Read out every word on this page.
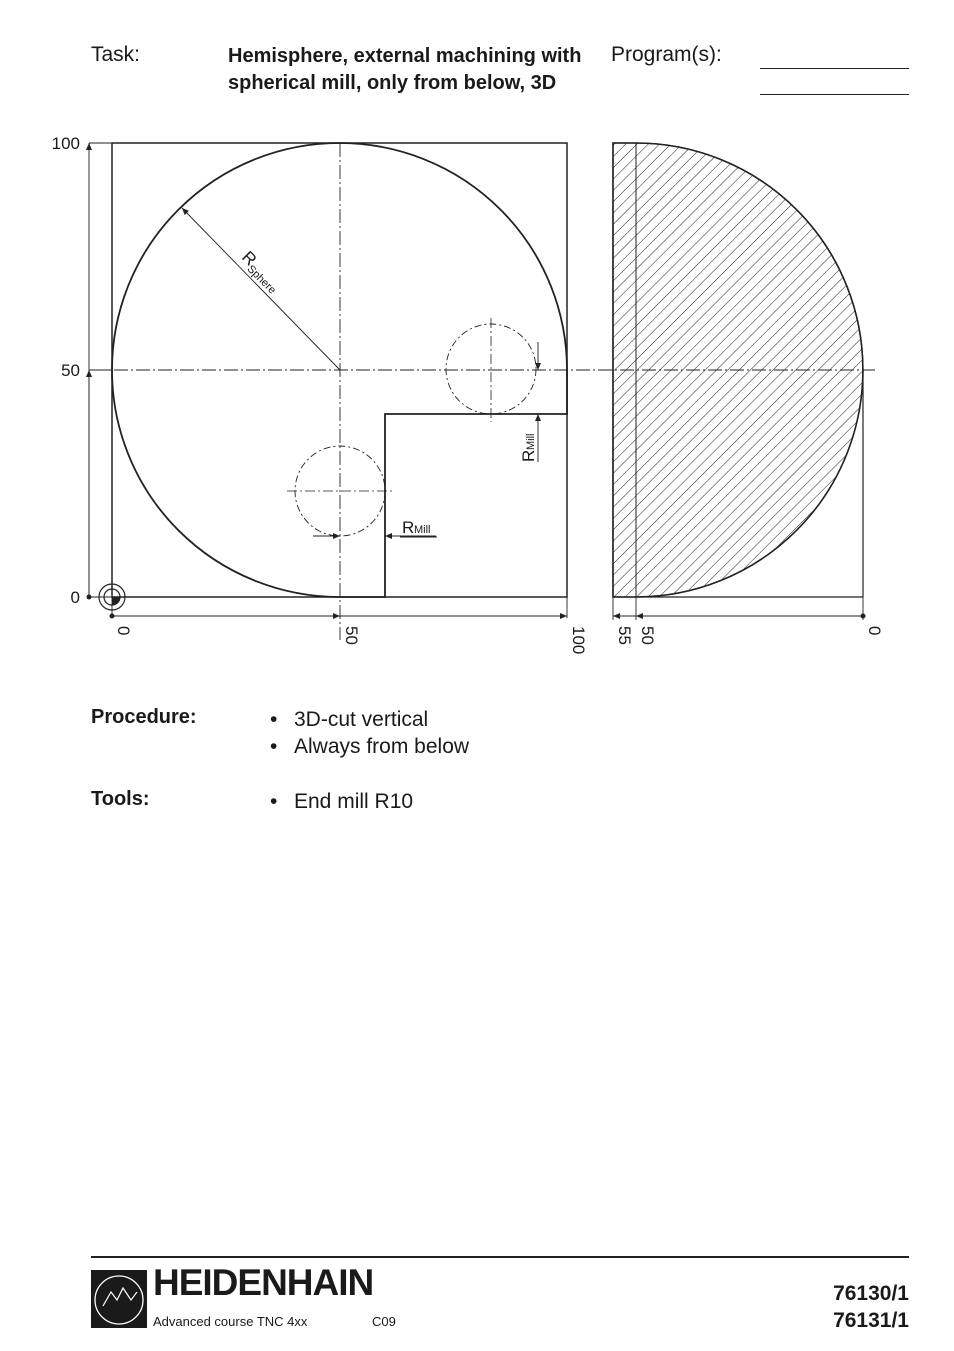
Task:	Hemisphere, external machining with spherical mill, only from below, 3D
Program(s):
100
50
0
0	50	100 55 50	0
R
Sphere
R Mill
R
Mill
Procedure:	• 3D-cut vertical
• Always from below
Tools:	• End mill R10
HEIDENHAIN
Advanced course TNC 4xx	C09
76130/1
76131/1
